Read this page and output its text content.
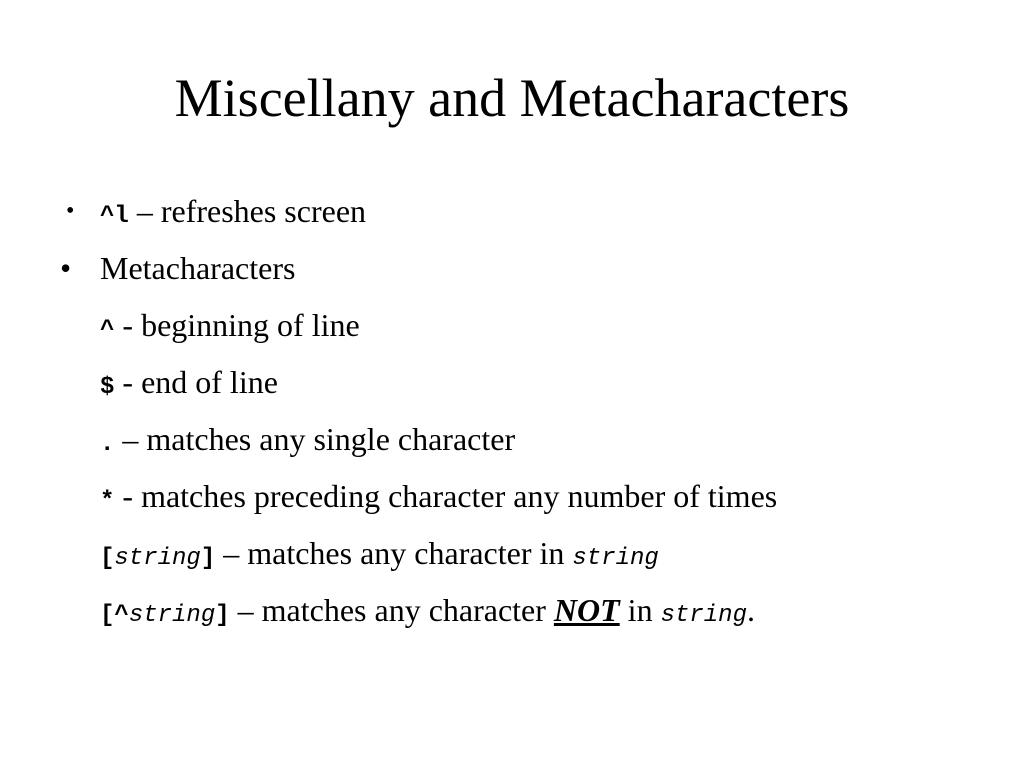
Miscellany and Metacharacters
• ^l – refreshes screen
• Metacharacters
^ - beginning of line
$ - end of line
. – matches any single character
* - matches preceding character any number of times
[string] – matches any character in string
[^string] – matches any character NOT in string.
